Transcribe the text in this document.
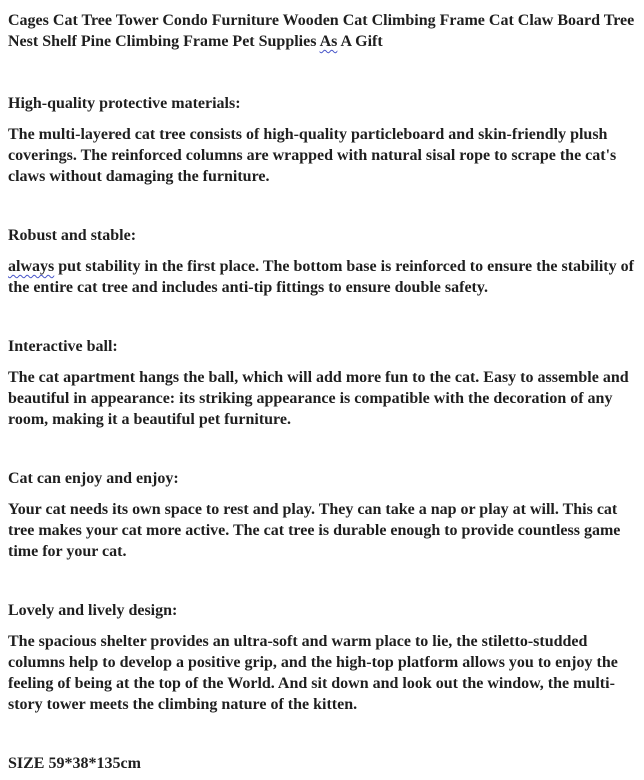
Cages Cat Tree Tower Condo Furniture Wooden Cat Climbing Frame Cat Claw Board Tree Nest Shelf Pine Climbing Frame Pet Supplies As A Gift

High-quality protective materials:

The multi-layered cat tree consists of high-quality particleboard and skin-friendly plush coverings. The reinforced columns are wrapped with natural sisal rope to scrape the cat's claws without damaging the furniture.

Robust and stable:

always put stability in the first place. The bottom base is reinforced to ensure the stability of the entire cat tree and includes anti-tip fittings to ensure double safety.

Interactive ball:

The cat apartment hangs the ball, which will add more fun to the cat. Easy to assemble and beautiful in appearance: its striking appearance is compatible with the decoration of any room, making it a beautiful pet furniture.

Cat can enjoy and enjoy:

Your cat needs its own space to rest and play. They can take a nap or play at will. This cat tree makes your cat more active. The cat tree is durable enough to provide countless game time for your cat.

Lovely and lively design:

The spacious shelter provides an ultra-soft and warm place to lie, the stiletto-studded columns help to develop a positive grip, and the high-top platform allows you to enjoy the feeling of being at the top of the World. And sit down and look out the window, the multi-story tower meets the climbing nature of the kitten.

SIZE 59*38*135cm
